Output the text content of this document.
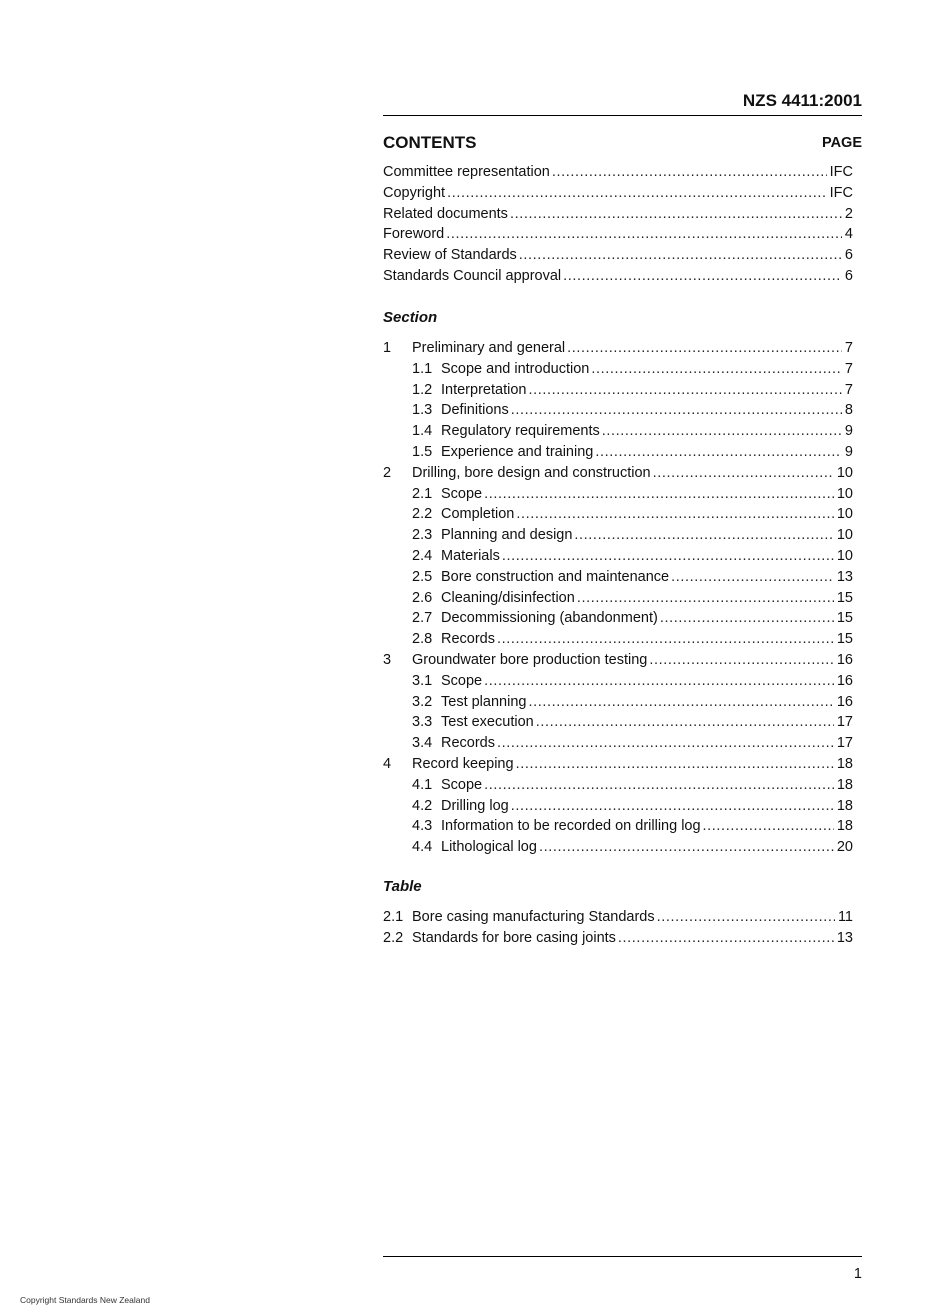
NZS 4411:2001
CONTENTS	PAGE
Committee representation .....	IFC
Copyright .....	IFC
Related documents .....	2
Foreword .....	4
Review of Standards .....	6
Standards Council approval .....	6
Section
1 Preliminary and general .....	7
1.1 Scope and introduction .....	7
1.2 Interpretation .....	7
1.3 Definitions .....	8
1.4 Regulatory requirements .....	9
1.5 Experience and training .....	9
2 Drilling, bore design and construction .....	10
2.1 Scope .....	10
2.2 Completion .....	10
2.3 Planning and design .....	10
2.4 Materials .....	10
2.5 Bore construction and maintenance .....	13
2.6 Cleaning/disinfection .....	15
2.7 Decommissioning (abandonment) .....	15
2.8 Records .....	15
3 Groundwater bore production testing .....	16
3.1 Scope .....	16
3.2 Test planning .....	16
3.3 Test execution .....	17
3.4 Records .....	17
4 Record keeping .....	18
4.1 Scope .....	18
4.2 Drilling log .....	18
4.3 Information to be recorded on drilling log .....	18
4.4 Lithological log .....	20
Table
2.1 Bore casing manufacturing Standards .....	11
2.2 Standards for bore casing joints .....	13
1
Copyright Standards New Zealand
